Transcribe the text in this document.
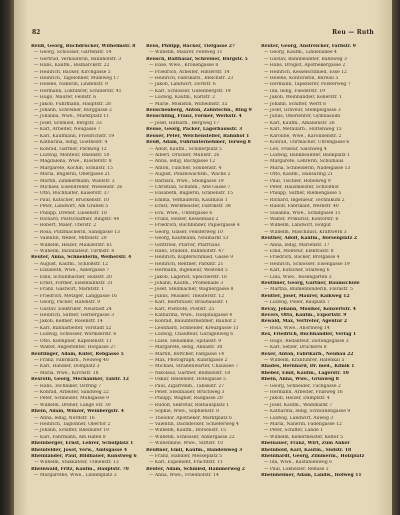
82	Reu — Ruth
Reuß, Georg, Buchdrucker, Wilhelmstr. 8
— Georg, Schlosser, Gartenstr. 14
— Gertrud, Verkäuferin, Bahnhofstr. 3
— Hans, Kaufm., Bismarckstr. 22
— Heinrich, Bäcker, Kirchgasse 5
— Heinrich, Tagelöhner, Mühlweg 17
— Helene, Näherin, Lindenstr. 9
— Hermann, Lokführer, Schillerstr. 41
— Hugo, Maurer, Feldstr. 6
— Jakob, Fuhrmann, Hauptstr. 28
— Johann, Schreiner, Burggasse 2
— Johanna, Wwe., Marktplatz 11
— Josef, Schmied, Bergstr. 33
— Karl, Arbeiter, Neugasse 7
— Karl, Kaufmann, Friedrichstr. 19
— Katharina, ledig, Goethestr. 4
— Konrad, Gärtner, Parkweg 12
— Ludwig, Monteur, Rheinstr. 50
— Magdalena, Wwe., Klosterstr. 8
— Margarete, Köchin, Schulstr. 15
— Maria, Büglerin, Obergasse 21
— Martin, Zimmermann, Waldstr. 3
— Michael, Eisendreher, Wiesenstr. 26
— Otto, Buchhalter, Kaiserstr. 37
— Paul, Kutscher, Brückenstr. 10
— Peter, Landwirt, Am Graben 5
— Philipp, Dreher, Luisenstr. 18
— Richard, Postschaffner, Ringstr. 44
— Robert, Maler, Uferstr. 2
— Rosa, Putzmacherin, Sandgasse 13
— Valentin, Weber, Mittelstr. 29
— Wilhelm, Heizer, Mainzerstr. 61
— Wilhelm, Installateur, Turmstr. 8
Reuter, Anna, Schneiderin, Weiherstr. 4
— August, Kaufm., Schloßstr. 12
— Elisabeth, Wwe., Adlergasse 7
— Emil, Schuhmacher, Holzstr. 20
— Ernst, Former, Eisenbahnstr. 31
— Franz, Gastwirt, Marktstr. 1
— Friedrich, Metzger, Langgasse 16
— Georg, Packer, Hafenstr. 9
— Gustav, Elektriker, Neustadt 24
— Heinrich, Sattler, Gerbergasse 3
— Jakob, Kellner, Rosenstr. 14
— Karl, Bahnarbeiter, Vorstadt 52
— Ludwig, Schlosser, Wormserstr. 6
— Otto, Klempner, Kapellenstr. 11
— Walter, Angestellter, Hofgasse 27
Reutlinger, Adam, Küfer, Rebgasse 5
— Franz, Fabrikarb., Neuweg 40
— Karl, Händler, Domplatz 3
— Maria, Wwe., Kirchstr. 18
Rexroth, Georg, Mechaniker, Talstr. 12
— Hans, Techniker, Ostring 7
— Konrad, Arbeiter, Sandweg 22
— Peter, Schneider, Mühlgasse 9
— Wilhelm, Dreher, Lange Str. 30
Rhein, Adam, Winzer, Weinbergstr. 4
— Anna, ledig, Nordstr. 16
— Heinrich, Taglöhner, Obertor 2
— Johann, Schiffer, Rheinufer 19
— Karl, Fährmann, Am Hafen 8
Rheinberger, Ernst, Lehrer, Schulplatz 1
Rheinfelder, Josef, Verw., Amtsgasse 4
Rheinländer, Paul, Bildhauer, Kunstweg 6
— Wilhelm, Stukkateur, Ulmenstr. 13
Rheinwald, Fritz, Kaufm., Hauptstr. 70
— Margarethe, Wwe., Lindenplatz 3
Reus, Philipp, Bäcker, Tiefgasse 27
— Wilhelm, Maurer, Feldweg 11
Reusch, Balthasar, Schreiner, Burgstr. 5
— Elise, Wwe., Kronengasse 8
— Friedrich, Arbeiter, Hinterstr. 14
— Heinrich, Fabrikarb., Bleichstr. 23
— Jakob, Landwirt, Dorfstr. 6
— Karl, Schlosser, Gutenbergstr. 19
— Ludwig, Kaufm., Karlstr. 2
— Marie, Modistin, Wilhelmstr. 35
Reuschenberg, Anton, Zahntechn., Ring 9
Reuschling, Franz, Former, Werkstr. 4
— Josef, Hilfsarb., Bergweg 17
Reuse, Georg, Packer, Lagerhausstr. 3
Reuser, Peter, Weichensteller, Bahnhof 1
Reuß, Adam, Fuhrunternehmer, Torweg 8
— Adolf, Kaufm., Schillerplatz 5
— Albert, Drucker, Mühlstr. 26
— Anna, ledig, Bachgasse 12
— Anton, Tüncher, Sonnenstr. 4
— August, Polizeiwachtm., Wache 2
— Barbara, Wwe., Steingasse 19
— Christian, Schuhm., Alte Gasse 7
— Elisabeth, Büglerin, Grabenstr. 15
— Emma, Verkäuferin, Kaufhaus 1
— Ernst, Werkmeister, Fabrikstr. 38
— Eva, Wwe., Untergasse 6
— Franz, Heizer, Kesselhaus 2
— Friedrich, Buchbinder, Papiergasse 4
— Georg, Glaser, Fensterweg 10
— Georg, Kaufmann, Neumarkt 13
— Gottfried, Pfarrer, Pfarrhaus
— Hans, Student, Bahnhofstr. 47
— Heinrich, Kupferschmied, Gasse 9
— Heinrich, Rentner, Parkstr. 21
— Hermann, Ingenieur, Westend 5
— Jakob, Lagerist, Speicherstr. 16
— Johann, Kaufm., Promenade 3
— Josef, Stellmacher, Wagnergasse 8
— Julius, Musiker, Theaterstr. 12
— Karl, Bierbrauer, Brauhausstr. 1
— Karl, Postbote, Poststr. 25
— Katharina, Wwe., Hospitalgasse 4
— Konrad, Bauunternehmer, Bauhof 2
— Leonhard, Schneider, Kreuzgasse 11
— Ludwig, Chauffeur, Garagenweg 6
— Luise, Hebamme, Spitalstr. 9
— Margarete, ledig, Annastr. 30
— Martin, Böttcher, Faßgasse 14
— Max, Photograph, Kunstgasse 2
— Michael, Straßenwärter, Chaussee 7
— Nikolaus, Gärtner, Blumenstr. 18
— Oskar, Reisender, Hotelgasse 5
— Paul, Zigarrenm., Tabakstr. 27
— Peter, Steinhauer, Bruchweg 3
— Philipp, Wagner, Radgasse 20
— Rudolf, Sekretär, Rathausplatz 1
— Sophie, Wwe., Sophienstr. 8
— Theodor, Apotheker, Marktplatz 6
— Valentin, Dachdecker, Schieferweg 4
— Wilhelm, Kaufm., Börsenstr. 15
— Wilhelm, Schlosser, Ankergasse 22
— Wilhelmine, Wwe., Stiftstr. 10
Reußner, Emil, Kaufm., Handelsweg 3
— Franz, Händler, Messeplatz 5
— Karl, Expedient, Frachtstr. 11
Reuter, Adam, Schmied, Hammerweg 2
— Anna, Wwe., Friedhofstr. 14
Reuter, Georg, Anstreicher, Farbstr. 9
— Georg, Kaufm., Lindenallee 4
— Gustav, Bahnbeamter, Bahnweg 3
— Hans, Drogist, Apothekergasse 2
— Heinrich, Kesselschmied, Esse 12
— Helene, Kontoristin, Bureau 5
— Hermann, Tapezierer, Polsterweg 7
— Ida, ledig, Fliederstr. 19
— Jakob, Weinhändler, Kellerstr. 1
— Johann, Schiffer, Werft 8
— Josef, Graveur, Stempelgasse 3
— Julius, Oberlehrer, Gymnasium
— Karl, Kaufm., Amalienstr. 26
— Karl, Metallarb., Hüttenweg 15
— Karoline, Wwe., Karolinenstr. 2
— Konrad, Uhrmacher, Uhrengasse 6
— Leo, Friseur, Salonweg 4
— Ludwig, Bankbeamter, Bankplatz 1
— Margarete, Lehrerin, Schulhaus
— Maria, Schneiderin, Nadelgasse 13
— Otto, Kaufm., Hansaring 21
— Paul, Tischler, Hobelweg 9
— Peter, Hausmeister, Schloßhof
— Philipp, Sattler, Riemengasse 5
— Richard, Ingenieur, Technikum 2
— Rudolf, Fabrikant, Werkstr. 40
— Susanna, Wwe., Schafgasse 11
— Walter, Prokurist, Kontorstr. 6
— Wilhelm, Landwirt, Hofgut
— Wilhelm, Maschinist, Kraftwerk 3
Reuther, Adolf, Kaufm., Börsenplatz 2
— Anna, ledig, Marienstr. 17
— Emil, Monteur, Elektrastr. 8
— Friedrich, Bäcker, Brotgasse 4
— Heinrich, Schlosser, Eisengasse 19
— Karl, Kutscher, Stallweg 6
— Lina, Wwe., Rosengarten 3
Reuthner, Georg, Gärtner, Baumschule
— Martha, Blumenbinderin, Florastr. 5
Reutter, Josef, Maurer, Kalkweg 12
— Ludwig, Polier, Bauplatz 7
Revay, Johann, Musiker, Konzertstr. 4
Revers, Otto, Kaufm., Exportstr. 9
Rewald, Max, Vertreter, Agentur 2
— Rosa, Wwe., Ahornweg 14
Rex, Friedrich, Buchhändler, Verlag 1
— Hugo, Redakteur, Zeitungsgasse 3
— Karl, Setzer, Druckerei 8
Rexer, Anton, Fabrikarb., Neubau 22
— Wilhelm, Kranführer, Hafenkai 5
Rhades, Bernhard, Dr. med., Klinik 1
Rheber, Emil, Kaufm., Lagerstr. 10
Rhein, Anna, Wwe., Grünweg 8
— Georg, Schneider, Tuchgasse 2
— Hermann, Arbeiter, Flußweg 16
— Jakob, Heizer, Dampfstr. 4
— Josef, Kaufm., Weinmarkt 7
— Katharina, ledig, Schwanengasse 9
— Ludwig, Landwirt, Auweg 3
— Maria, Näherin, Fadengasse 12
— Peter, Schiffer, Lände 1
— Wilhelm, Kellermeister, Kelter 5
Rheinauer, Franz, Wirt, Zum Anker
Rheinbold, Karl, Kaufm., Südstr. 18
Rheinhardt, Georg, Zimmerm., Holzplatz
— Ida, Wwe., Kastanienweg 6
— Paul, Lokheizer, Remise 2
Rheinheimer, Adam, Landw., Hofweg 11
